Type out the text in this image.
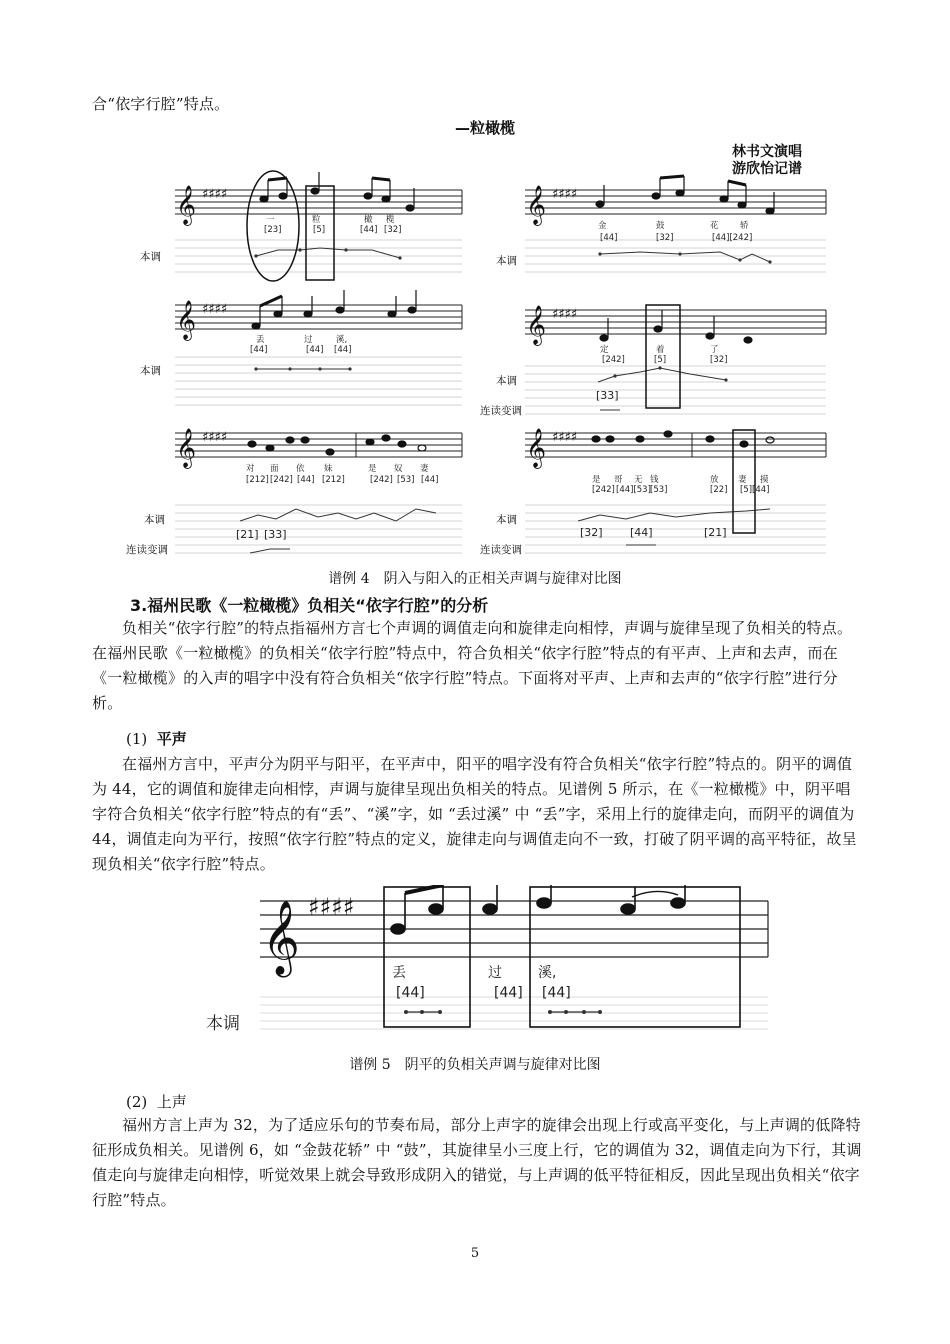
合“依字行腔”特点。
—粒橄榄
林书文演唱
游欣怡记谱
𝄞
𝄞
𝄞
𝄞
𝄞
𝄞
♯♯♯♯
♯♯♯♯
♯♯♯♯
♯♯♯♯
♯♯♯♯
♯♯♯♯
本调
本调
本调
连读变调
本调
本调
连读变调
本调
连读变调
一	粒	橄 榄
[23]	[5]	[44] [32]
丢	过	溪,
[44]	[44] [44]
对 面 依 妹	是 奴 妻
[212] [242] [44] [212]	[242] [53] [44]
[21] [33]
[33]
[32] [44]	[21]
金	鼓	花	轿
[44]	[32]	[44][242]
定	着	了
[242]	[5]	[32]
是 哥 无 钱	放 妻 摸
[242] [44][53] [53]	[22] [5][44]
谱例 4　阴入与阳入的正相关声调与旋律对比图
3.福州民歌《一粒橄榄》负相关“依字行腔”的分析
负相关“依字行腔”的特点指福州方言七个声调的调值走向和旋律走向相悖，声调与旋律呈现了负相关的特点。在福州民歌《一粒橄榄》的负相关“依字行腔”特点中，符合负相关“依字行腔”特点的有平声、上声和去声，而在《一粒橄榄》的入声的唱字中没有符合负相关“依字行腔”特点。下面将对平声、上声和去声的“依字行腔”进行分析。
(1) 平声
在福州方言中，平声分为阴平与阳平，在平声中，阳平的唱字没有符合负相关“依字行腔”特点的。阴平的调值为 44，它的调值和旋律走向相悖，声调与旋律呈现出负相关的特点。见谱例 5 所示，在《一粒橄榄》中，阴平唱字符合负相关“依字行腔”特点的有“丢”、“溪”字，如 “丢过溪” 中 “丢”字，采用上行的旋律走向，而阴平的调值为 44，调值走向为平行，按照“依字行腔”特点的定义，旋律走向与调值走向不一致，打破了阴平调的高平特征，故呈现负相关“依字行腔”特点。
𝄞 ♯♯♯♯
丢	过	溪,
[44]	[44] [44]
本调
谱例 5　阴平的负相关声调与旋律对比图
(2) 上声
福州方言上声为 32，为了适应乐句的节奏布局，部分上声字的旋律会出现上行或高平变化，与上声调的低降特征形成负相关。见谱例 6，如 “金鼓花轿” 中 “鼓”，其旋律呈小三度上行，它的调值为 32，调值走向为下行，其调值走向与旋律走向相悖，听觉效果上就会导致形成阴入的错觉，与上声调的低平特征相反，因此呈现出负相关“依字行腔”特点。
5
